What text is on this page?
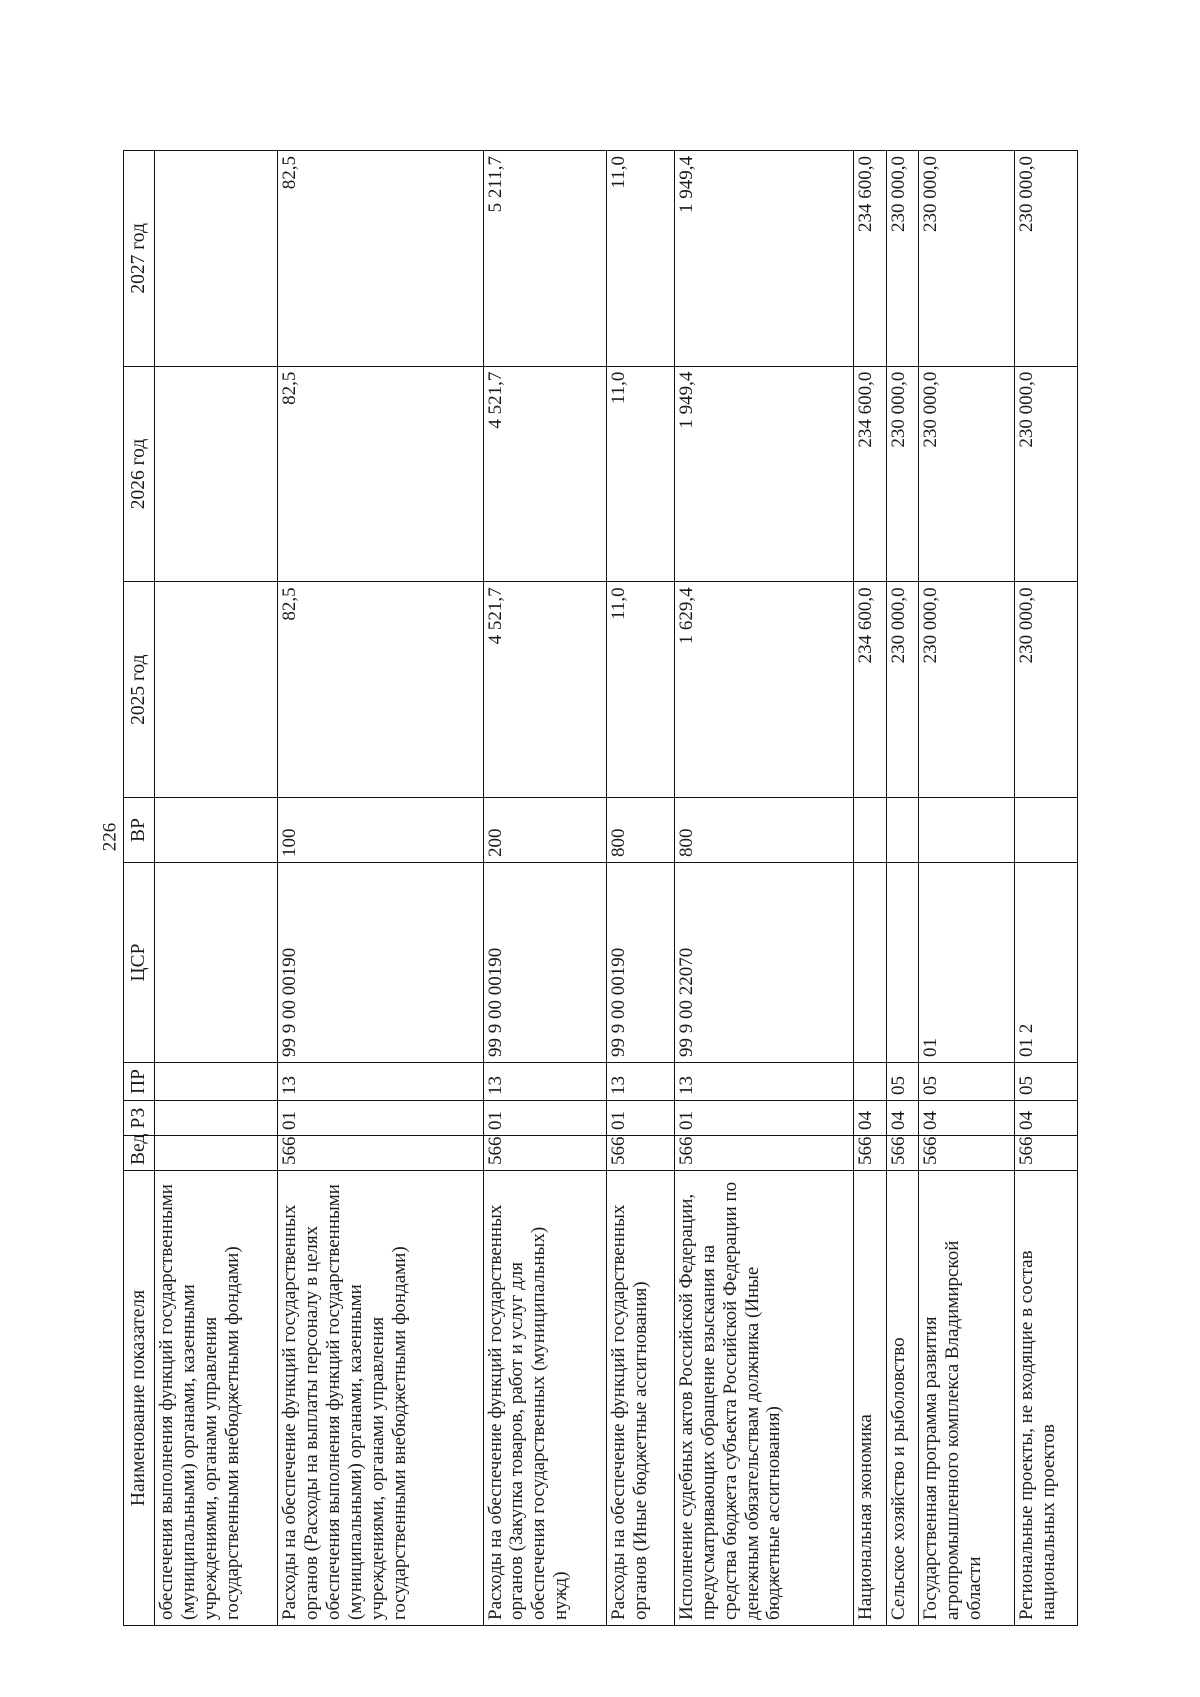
226
Наименование показателя	Вед	РЗ	ПР	ЦСР	ВР	2025 год	2026 год	2027 год
обеспечения выполнения функций государственными (муниципальными) органами, казенными учреждениями, органами управления государственными внебюджетными фондами)								
Расходы на обеспечение функций государственных органов (Расходы на выплаты персоналу в целях обеспечения выполнения функций государственными (муниципальными) органами, казенными учреждениями, органами управления государственными внебюджетными фондами)	566	01	13	99 9 00 00190	100	82,5	82,5	82,5
Расходы на обеспечение функций государственных органов (Закупка товаров, работ и услуг для обеспечения государственных (муниципальных) нужд)	566	01	13	99 9 00 00190	200	4 521,7	4 521,7	5 211,7
Расходы на обеспечение функций государственных органов (Иные бюджетные ассигнования)	566	01	13	99 9 00 00190	800	11,0	11,0	11,0
Исполнение судебных актов Российской Федерации, предусматривающих обращение взыскания на средства бюджета субъекта Российской Федерации по денежным обязательствам должника (Иные бюджетные ассигнования)	566	01	13	99 9 00 22070	800	1 629,4	1 949,4	1 949,4
Национальная экономика	566	04				234 600,0	234 600,0	234 600,0
Сельское хозяйство и рыболовство	566	04	05			230 000,0	230 000,0	230 000,0
Государственная программа развития агропромышленного комплекса Владимирской области	566	04	05	01		230 000,0	230 000,0	230 000,0
Региональные проекты, не входящие в состав национальных проектов	566	04	05	01 2		230 000,0	230 000,0	230 000,0
